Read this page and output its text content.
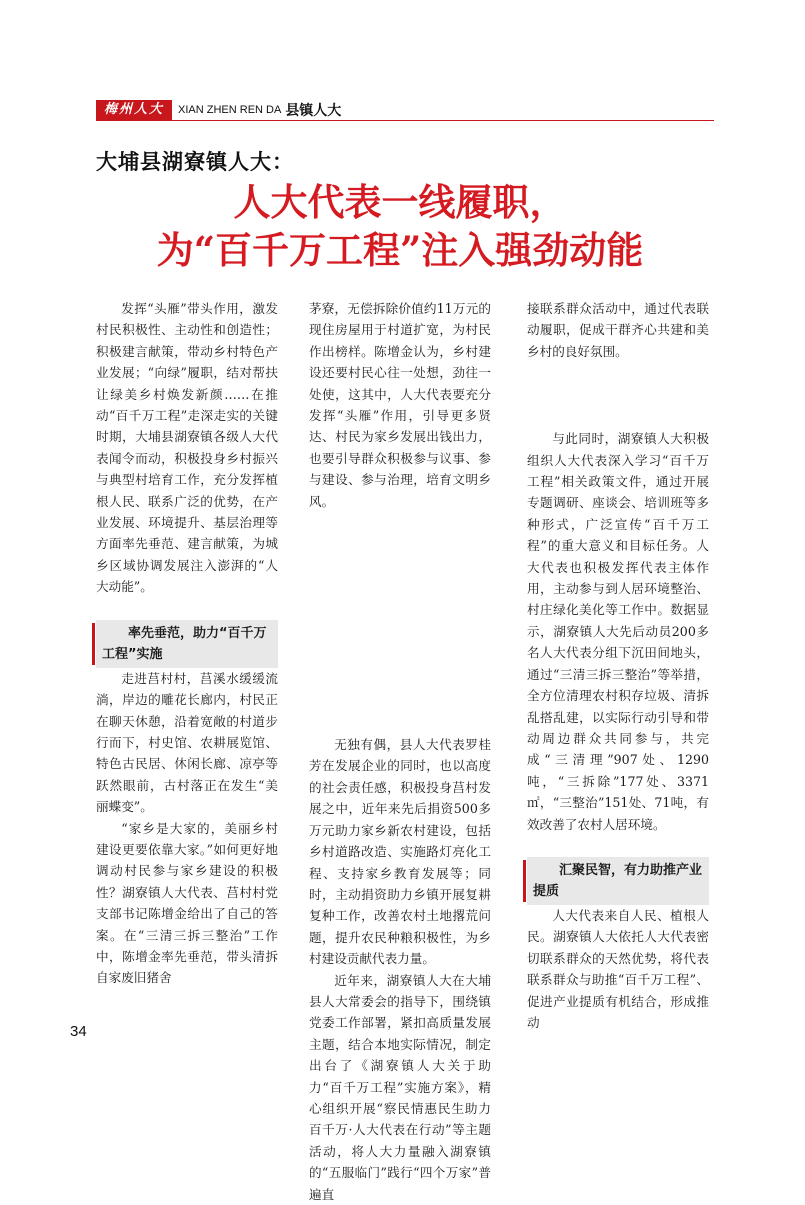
梅州人大	XIAN ZHEN REN DA 县镇人大
大埔县湖寮镇人大：
人大代表一线履职，
为“百千万工程”注入强劲动能

发挥“头雁”带头作用，激发村民积极性、主动性和创造性；积极建言献策，带动乡村特色产业发展；“向绿”履职，结对帮扶让绿美乡村焕发新颜……在推动“百千万工程”走深走实的关键时期，大埔县湖寮镇各级人大代表闻令而动，积极投身乡村振兴与典型村培育工作，充分发挥植根人民、联系广泛的优势，在产业发展、环境提升、基层治理等方面率先垂范、建言献策，为城乡区域协调发展注入澎湃的“人大动能”。

率先垂范，助力“百千万工程”实施

走进莒村村，莒溪水缓缓流淌，岸边的雕花长廊内，村民正在聊天休憩，沿着宽敞的村道步行而下，村史馆、农耕展览馆、特色古民居、休闲长廊、凉亭等跃然眼前，古村落正在发生“美丽蝶变”。

“家乡是大家的，美丽乡村建设更要依靠大家。”如何更好地调动村民参与家乡建设的积极性？湖寮镇人大代表、莒村村党支部书记陈增金给出了自己的答案。在“三清三拆三整治”工作中，陈增金率先垂范，带头清拆自家废旧猪舍

茅寮，无偿拆除价值约11万元的现住房屋用于村道扩宽，为村民作出榜样。陈增金认为，乡村建设还要村民心往一处想，劲往一处使，这其中，人大代表要充分发挥“头雁”作用，引导更多贤达、村民为家乡发展出钱出力，也要引导群众积极参与议事、参与建设、参与治理，培育文明乡风。

无独有偶，县人大代表罗桂芳在发展企业的同时，也以高度的社会责任感，积极投身莒村发展之中，近年来先后捐资500多万元助力家乡新农村建设，包括乡村道路改造、实施路灯亮化工程、支持家乡教育发展等；同时，主动捐资助力乡镇开展复耕复种工作，改善农村土地撂荒问题，提升农民种粮积极性，为乡村建设贡献代表力量。

近年来，湖寮镇人大在大埔县人大常委会的指导下，围绕镇党委工作部署，紧扣高质量发展主题，结合本地实际情况，制定出台了《湖寮镇人大关于助力“百千万工程”实施方案》，精心组织开展“察民情惠民生助力百千万·人大代表在行动”等主题活动，将人大力量融入湖寮镇的“五服临门”践行“四个万家”普遍直

接联系群众活动中，通过代表联动履职，促成干群齐心共建和美乡村的良好氛围。

与此同时，湖寮镇人大积极组织人大代表深入学习“百千万工程”相关政策文件，通过开展专题调研、座谈会、培训班等多种形式，广泛宣传“百千万工程”的重大意义和目标任务。人大代表也积极发挥代表主体作用，主动参与到人居环境整治、村庄绿化美化等工作中。数据显示，湖寮镇人大先后动员200多名人大代表分组下沉田间地头，通过“三清三拆三整治”等举措，全方位清理农村积存垃圾、清拆乱搭乱建，以实际行动引导和带动周边群众共同参与，共完成“三清理”907处、1290吨，“三拆除”177处、3371㎡，“三整治”151处、71吨，有效改善了农村人居环境。

汇聚民智，有力助推产业提质

人大代表来自人民、植根人民。湖寮镇人大依托人大代表密切联系群众的天然优势，将代表联系群众与助推“百千万工程”、促进产业提质有机结合，形成推动

34
